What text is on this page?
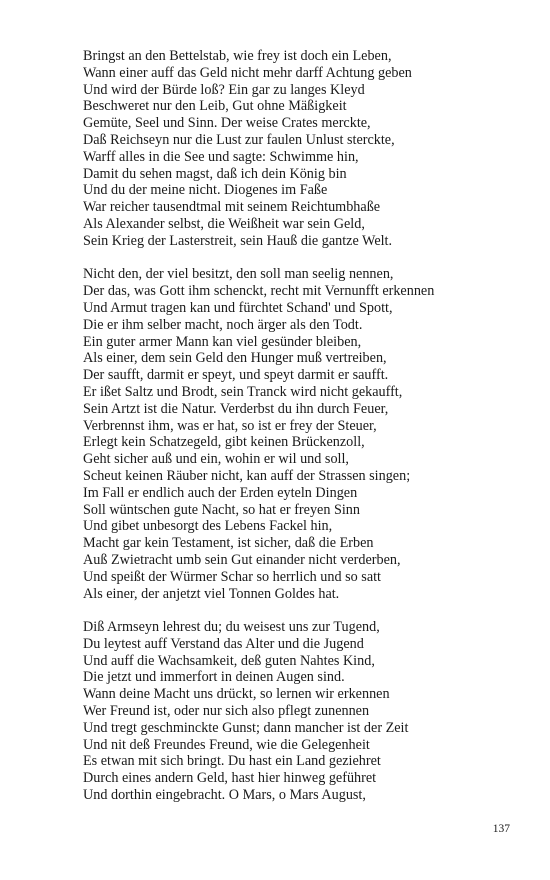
Bringst an den Bettelstab, wie frey ist doch ein Leben,
Wann einer auff das Geld nicht mehr darff Achtung geben
Und wird der Bürde loß? Ein gar zu langes Kleyd
Beschweret nur den Leib, Gut ohne Mäßigkeit
Gemüte, Seel und Sinn. Der weise Crates merckte,
Daß Reichseyn nur die Lust zur faulen Unlust sterckte,
Warff alles in die See und sagte: Schwimme hin,
Damit du sehen magst, daß ich dein König bin
Und du der meine nicht. Diogenes im Faße
War reicher tausendtmal mit seinem Reichtumbhaße
Als Alexander selbst, die Weißheit war sein Geld,
Sein Krieg der Lasterstreit, sein Hauß die gantze Welt.
Nicht den, der viel besitzt, den soll man seelig nennen,
Der das, was Gott ihm schenckt, recht mit Vernunfft erkennen
Und Armut tragen kan und fürchtet Schand' und Spott,
Die er ihm selber macht, noch ärger als den Todt.
Ein guter armer Mann kan viel gesünder bleiben,
Als einer, dem sein Geld den Hunger muß vertreiben,
Der saufft, darmit er speyt, und speyt darmit er saufft.
Er ißet Saltz und Brodt, sein Tranck wird nicht gekaufft,
Sein Artzt ist die Natur. Verderbst du ihn durch Feuer,
Verbrennst ihm, was er hat, so ist er frey der Steuer,
Erlegt kein Schatzegeld, gibt keinen Brückenzoll,
Geht sicher auß und ein, wohin er wil und soll,
Scheut keinen Räuber nicht, kan auff der Strassen singen;
Im Fall er endlich auch der Erden eyteln Dingen
Soll wüntschen gute Nacht, so hat er freyen Sinn
Und gibet unbesorgt des Lebens Fackel hin,
Macht gar kein Testament, ist sicher, daß die Erben
Auß Zwietracht umb sein Gut einander nicht verderben,
Und speißt der Würmer Schar so herrlich und so satt
Als einer, der anjetzt viel Tonnen Goldes hat.
Diß Armseyn lehrest du; du weisest uns zur Tugend,
Du leytest auff Verstand das Alter und die Jugend
Und auff die Wachsamkeit, deß guten Nahtes Kind,
Die jetzt und immerfort in deinen Augen sind.
Wann deine Macht uns drückt, so lernen wir erkennen
Wer Freund ist, oder nur sich also pflegt zunennen
Und tregt geschminckte Gunst; dann mancher ist der Zeit
Und nit deß Freundes Freund, wie die Gelegenheit
Es etwan mit sich bringt. Du hast ein Land geziehret
Durch eines andern Geld, hast hier hinweg geführet
Und dorthin eingebracht. O Mars, o Mars August,
137
